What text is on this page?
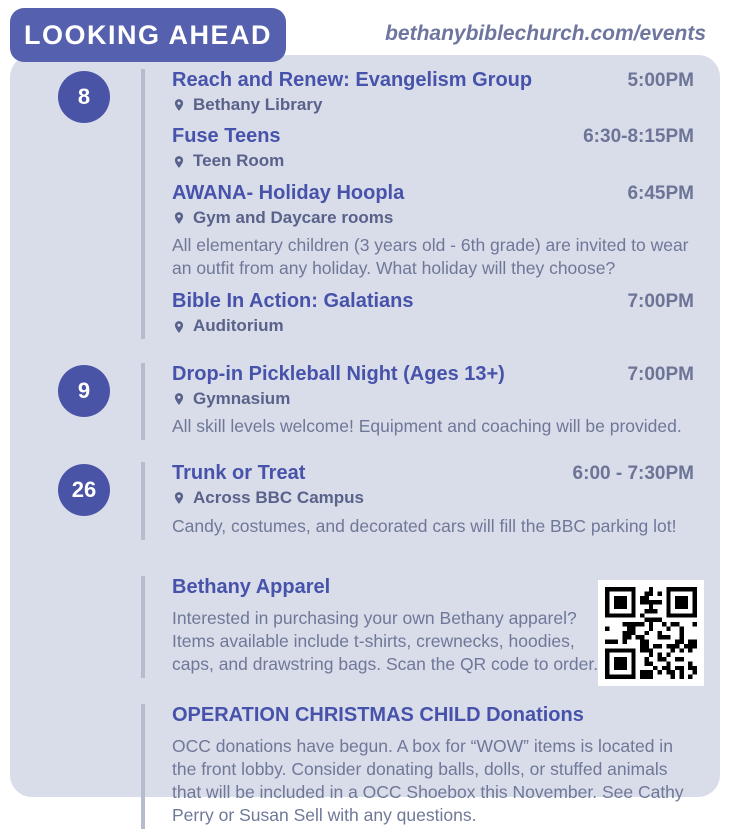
LOOKING AHEAD	bethanybiblechurch.com/events
8
Reach and Renew: Evangelism Group	5:00PM
Bethany Library
Fuse Teens	6:30-8:15PM
Teen Room
AWANA- Holiday Hoopla	6:45PM
Gym and Daycare rooms

All elementary children (3 years old - 6th grade) are invited to wear an outfit from any holiday. What holiday will they choose?

Bible In Action: Galatians	7:00PM
Auditorium
9
Drop-in Pickleball Night (Ages 13+)	7:00PM
Gymnasium

All skill levels welcome! Equipment and coaching will be provided.

26
Trunk or Treat	6:00 - 7:30PM
Across BBC Campus

Candy, costumes, and decorated cars will fill the BBC parking lot!

Bethany Apparel

Interested in purchasing your own Bethany apparel? Items available include t-shirts, crewnecks, hoodies, caps, and drawstring bags. Scan the QR code to order.

OPERATION CHRISTMAS CHILD Donations

OCC donations have begun. A box for “WOW” items is located in the front lobby. Consider donating balls, dolls, or stuffed animals that will be included in a OCC Shoebox this November. See Cathy Perry or Susan Sell with any questions.
